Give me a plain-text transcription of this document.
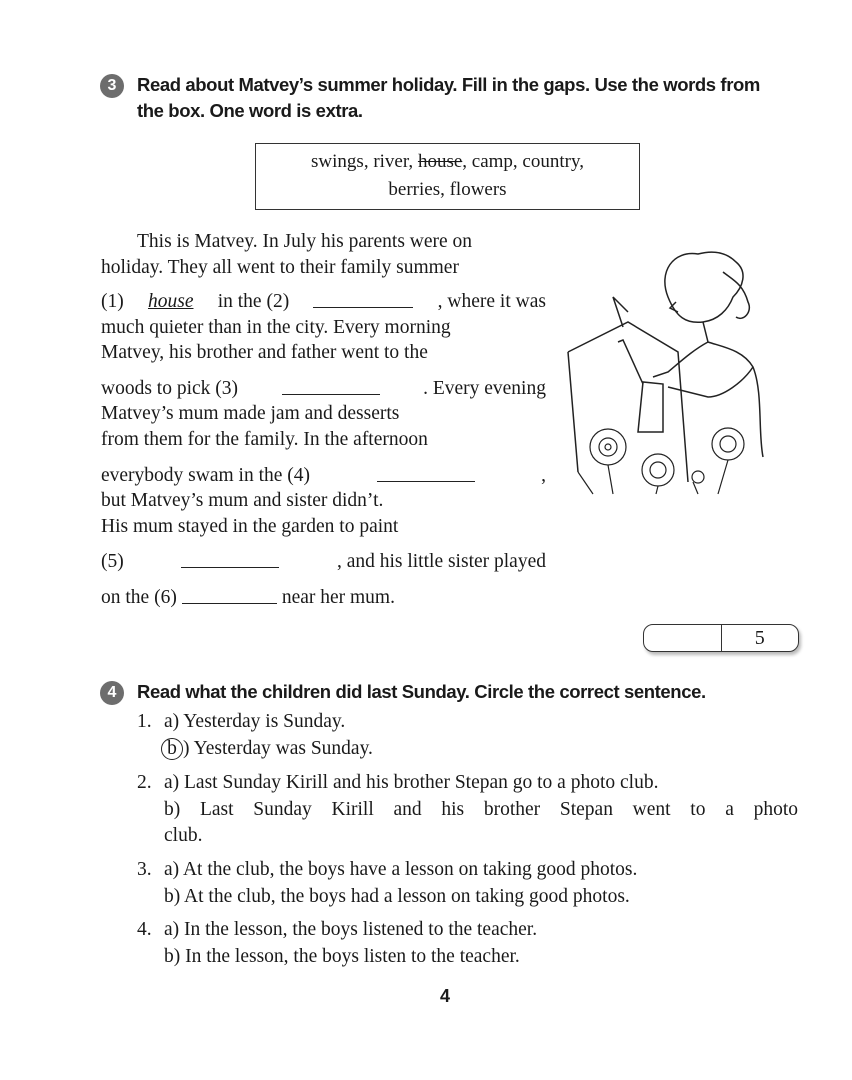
3	Read about Matvey’s summer holiday. Fill in the gaps. Use the words from
the box. One word is extra.
swings, river, house, camp, country,
berries, flowers
This is Matvey. In July his parents were on
holiday. They all went to their family summer
(1) house in the (2)	, where it was
much quieter than in the city. Every morning
Matvey, his brother and father went to the
woods to pick (3)	. Every evening
Matvey’s mum made jam and desserts
from them for the family. In the afternoon
everybody swam in the (4)	,
but Matvey’s mum and sister didn’t.
His mum stayed in the garden to paint
(5)	, and his little sister played
on the (6)	near her mum.
5
4	Read what the children did last Sunday. Circle the correct sentence.
1. a) Yesterday is Sunday.
b ) Yesterday was Sunday.
2. a) Last Sunday Kirill and his brother Stepan go to a photo club.
b) Last Sunday Kirill and his brother Stepan went to a photo
club.
3. a) At the club, the boys have a lesson on taking good photos.
b) At the club, the boys had a lesson on taking good photos.
4. a) In the lesson, the boys listened to the teacher.
b) In the lesson, the boys listen to the teacher.
4
